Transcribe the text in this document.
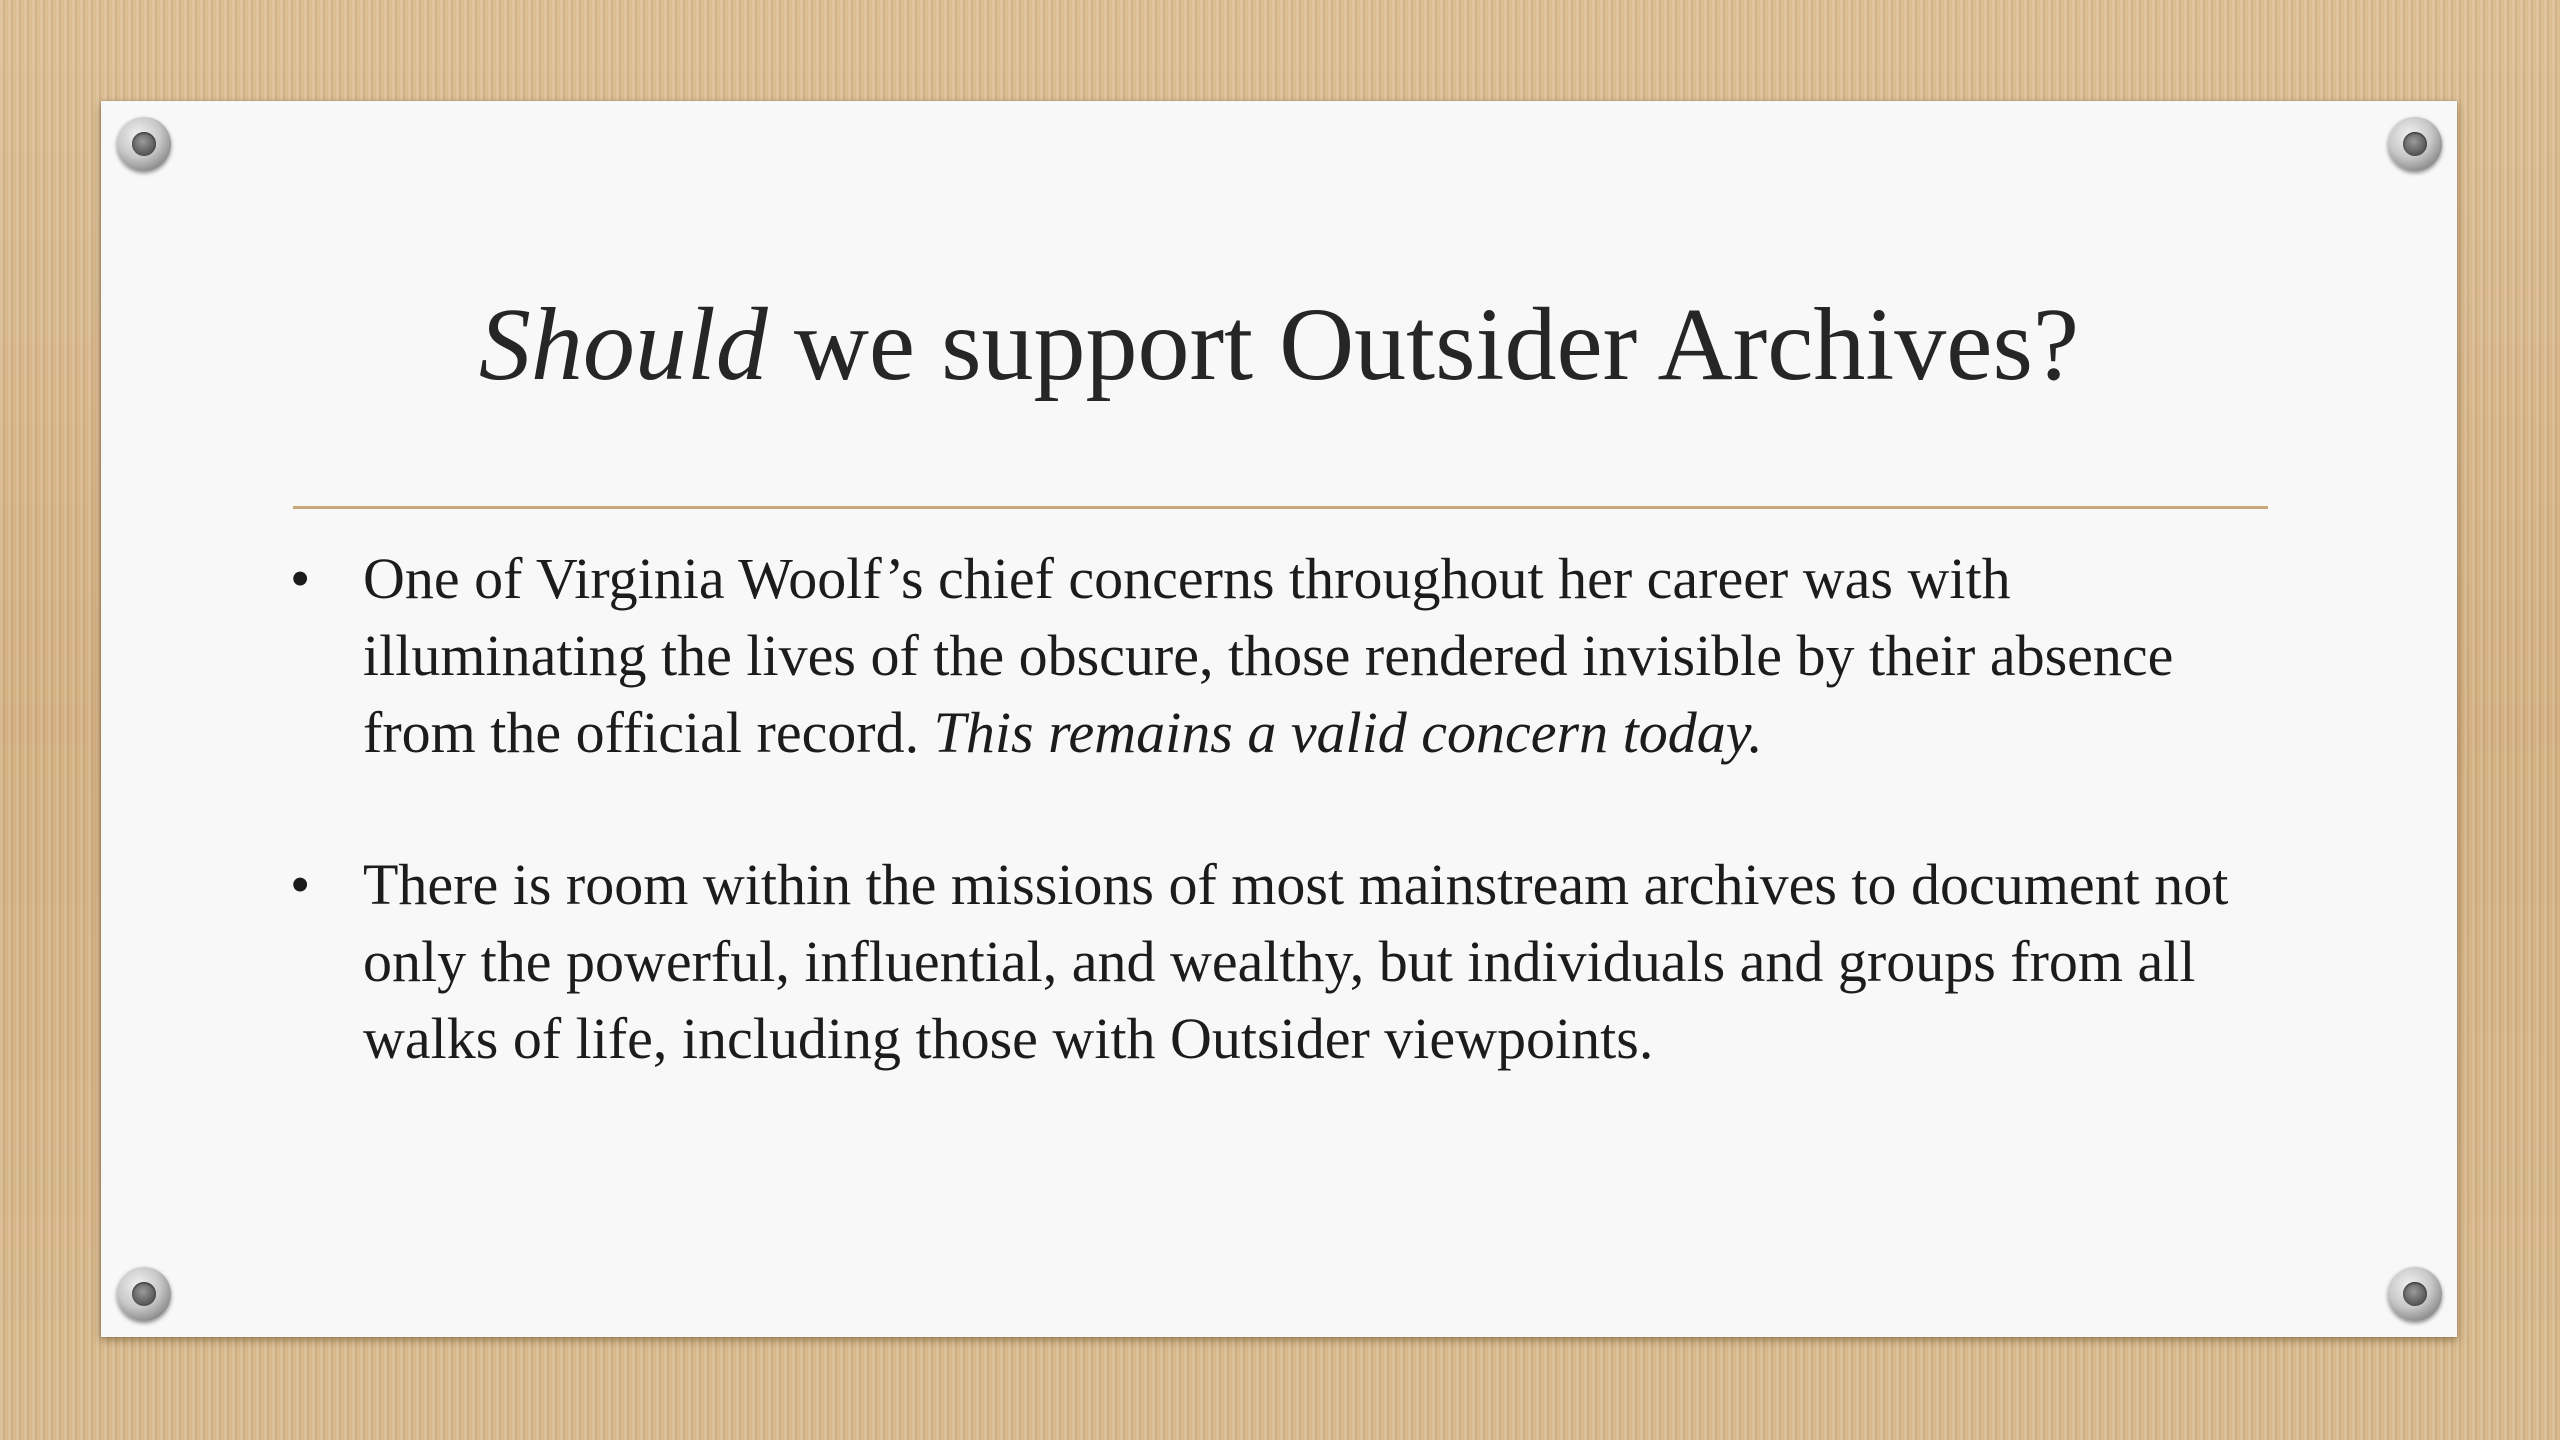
Should we support Outsider Archives?
• One of Virginia Woolf’s chief concerns throughout her career was with illuminating the lives of the obscure, those rendered invisible by their absence from the official record. This remains a valid concern today.
• There is room within the missions of most mainstream archives to document not only the powerful, influential, and wealthy, but individuals and groups from all walks of life, including those with Outsider viewpoints.
